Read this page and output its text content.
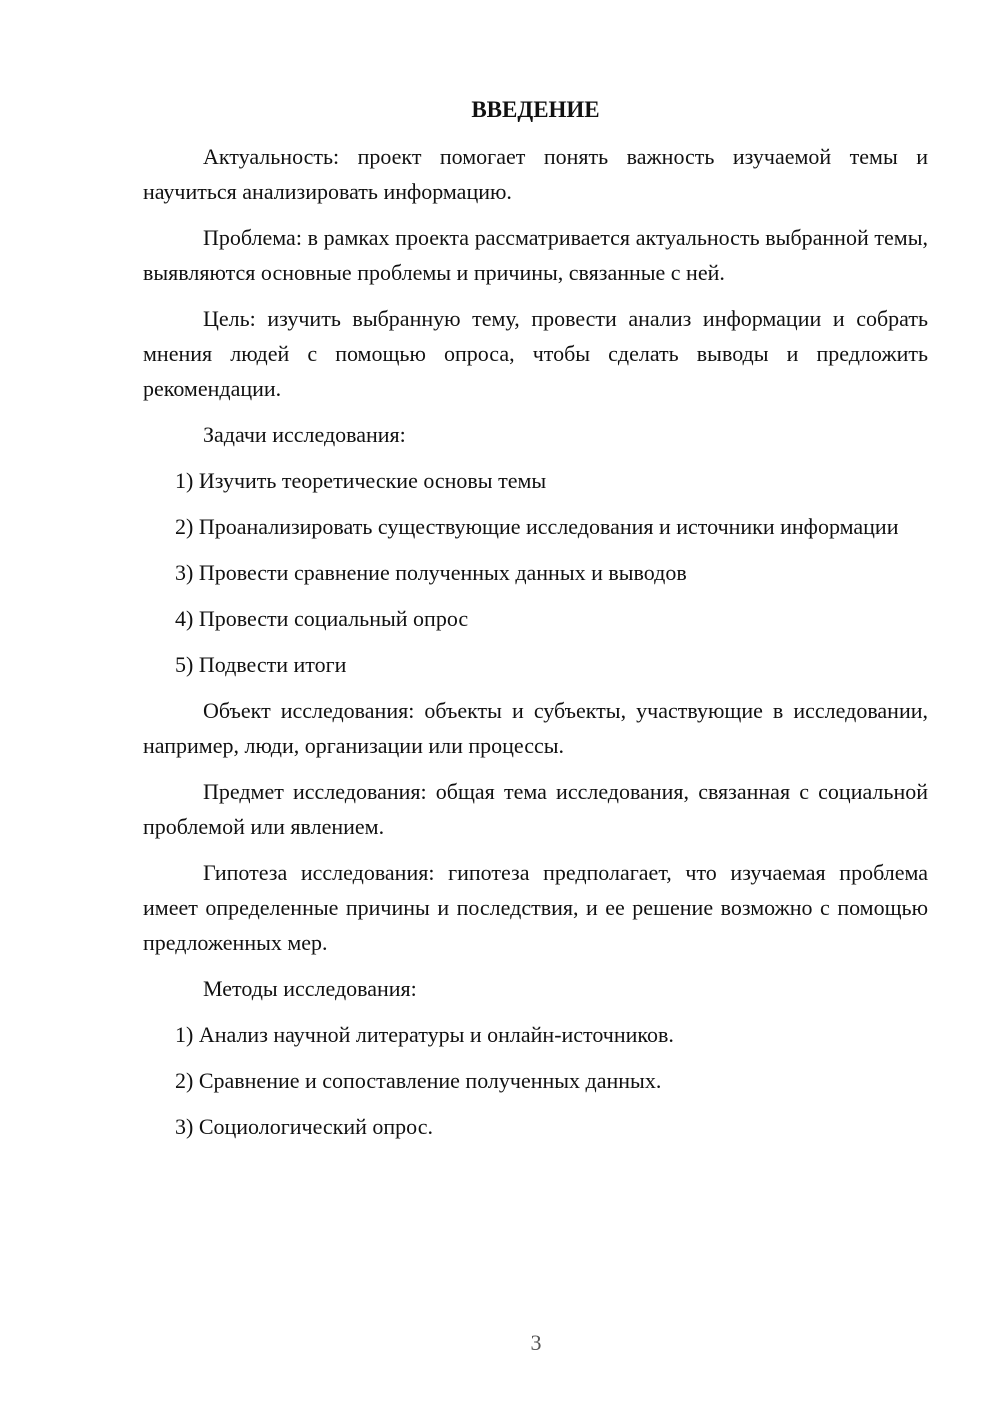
ВВЕДЕНИЕ

Актуальность: проект помогает понять важность изучаемой темы и научиться анализировать информацию.

Проблема: в рамках проекта рассматривается актуальность выбранной темы, выявляются основные проблемы и причины, связанные с ней.

Цель: изучить выбранную тему, провести анализ информации и собрать мнения людей с помощью опроса, чтобы сделать выводы и предложить рекомендации.

Задачи исследования:

1) Изучить теоретические основы темы

2) Проанализировать существующие исследования и источники информации

3) Провести сравнение полученных данных и выводов

4) Провести социальный опрос

5) Подвести итоги

Объект исследования: объекты и субъекты, участвующие в исследовании, например, люди, организации или процессы.

Предмет исследования: общая тема исследования, связанная с социальной проблемой или явлением.

Гипотеза исследования: гипотеза предполагает, что изучаемая проблема имеет определенные причины и последствия, и ее решение возможно с помощью предложенных мер.

Методы исследования:

1) Анализ научной литературы и онлайн-источников.

2) Сравнение и сопоставление полученных данных.

3) Социологический опрос.

3
